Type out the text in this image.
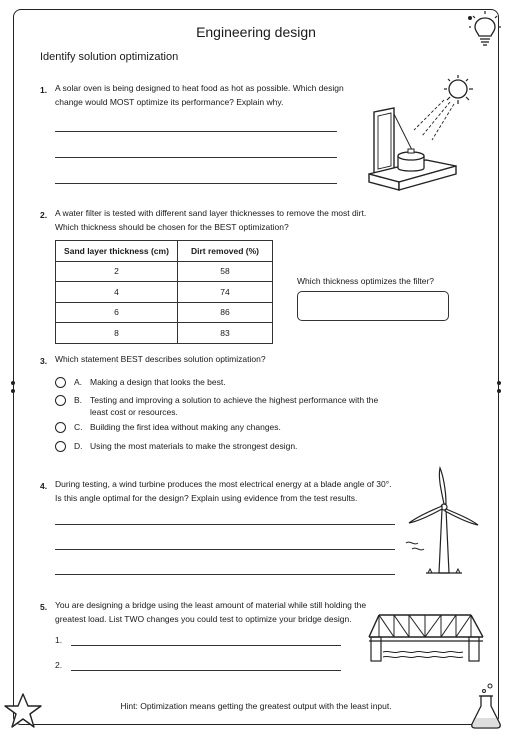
Engineering design
Identify solution optimization
1. A solar oven is being designed to heat food as hot as possible. Which design
change would MOST optimize its performance? Explain why.
2. A water filter is tested with different sand layer thicknesses to remove the most dirt.
Which thickness should be chosen for the BEST optimization?
Sand layer thickness (cm)	Dirt removed (%)
2	58
4	74
6	86
8	83
Which thickness optimizes the filter?
3. Which statement BEST describes solution optimization?
A. Making a design that looks the best.
B. Testing and improving a solution to achieve the highest performance with the
least cost or resources.
C. Building the first idea without making any changes.
D. Using the most materials to make the strongest design.
4. During testing, a wind turbine produces the most electrical energy at a blade angle of 30°.
Is this angle optimal for the design? Explain using evidence from the test results.
5. You are designing a bridge using the least amount of material while still holding the
greatest load. List TWO changes you could test to optimize your bridge design.
1.
2.
Hint: Optimization means getting the greatest output with the least input.
